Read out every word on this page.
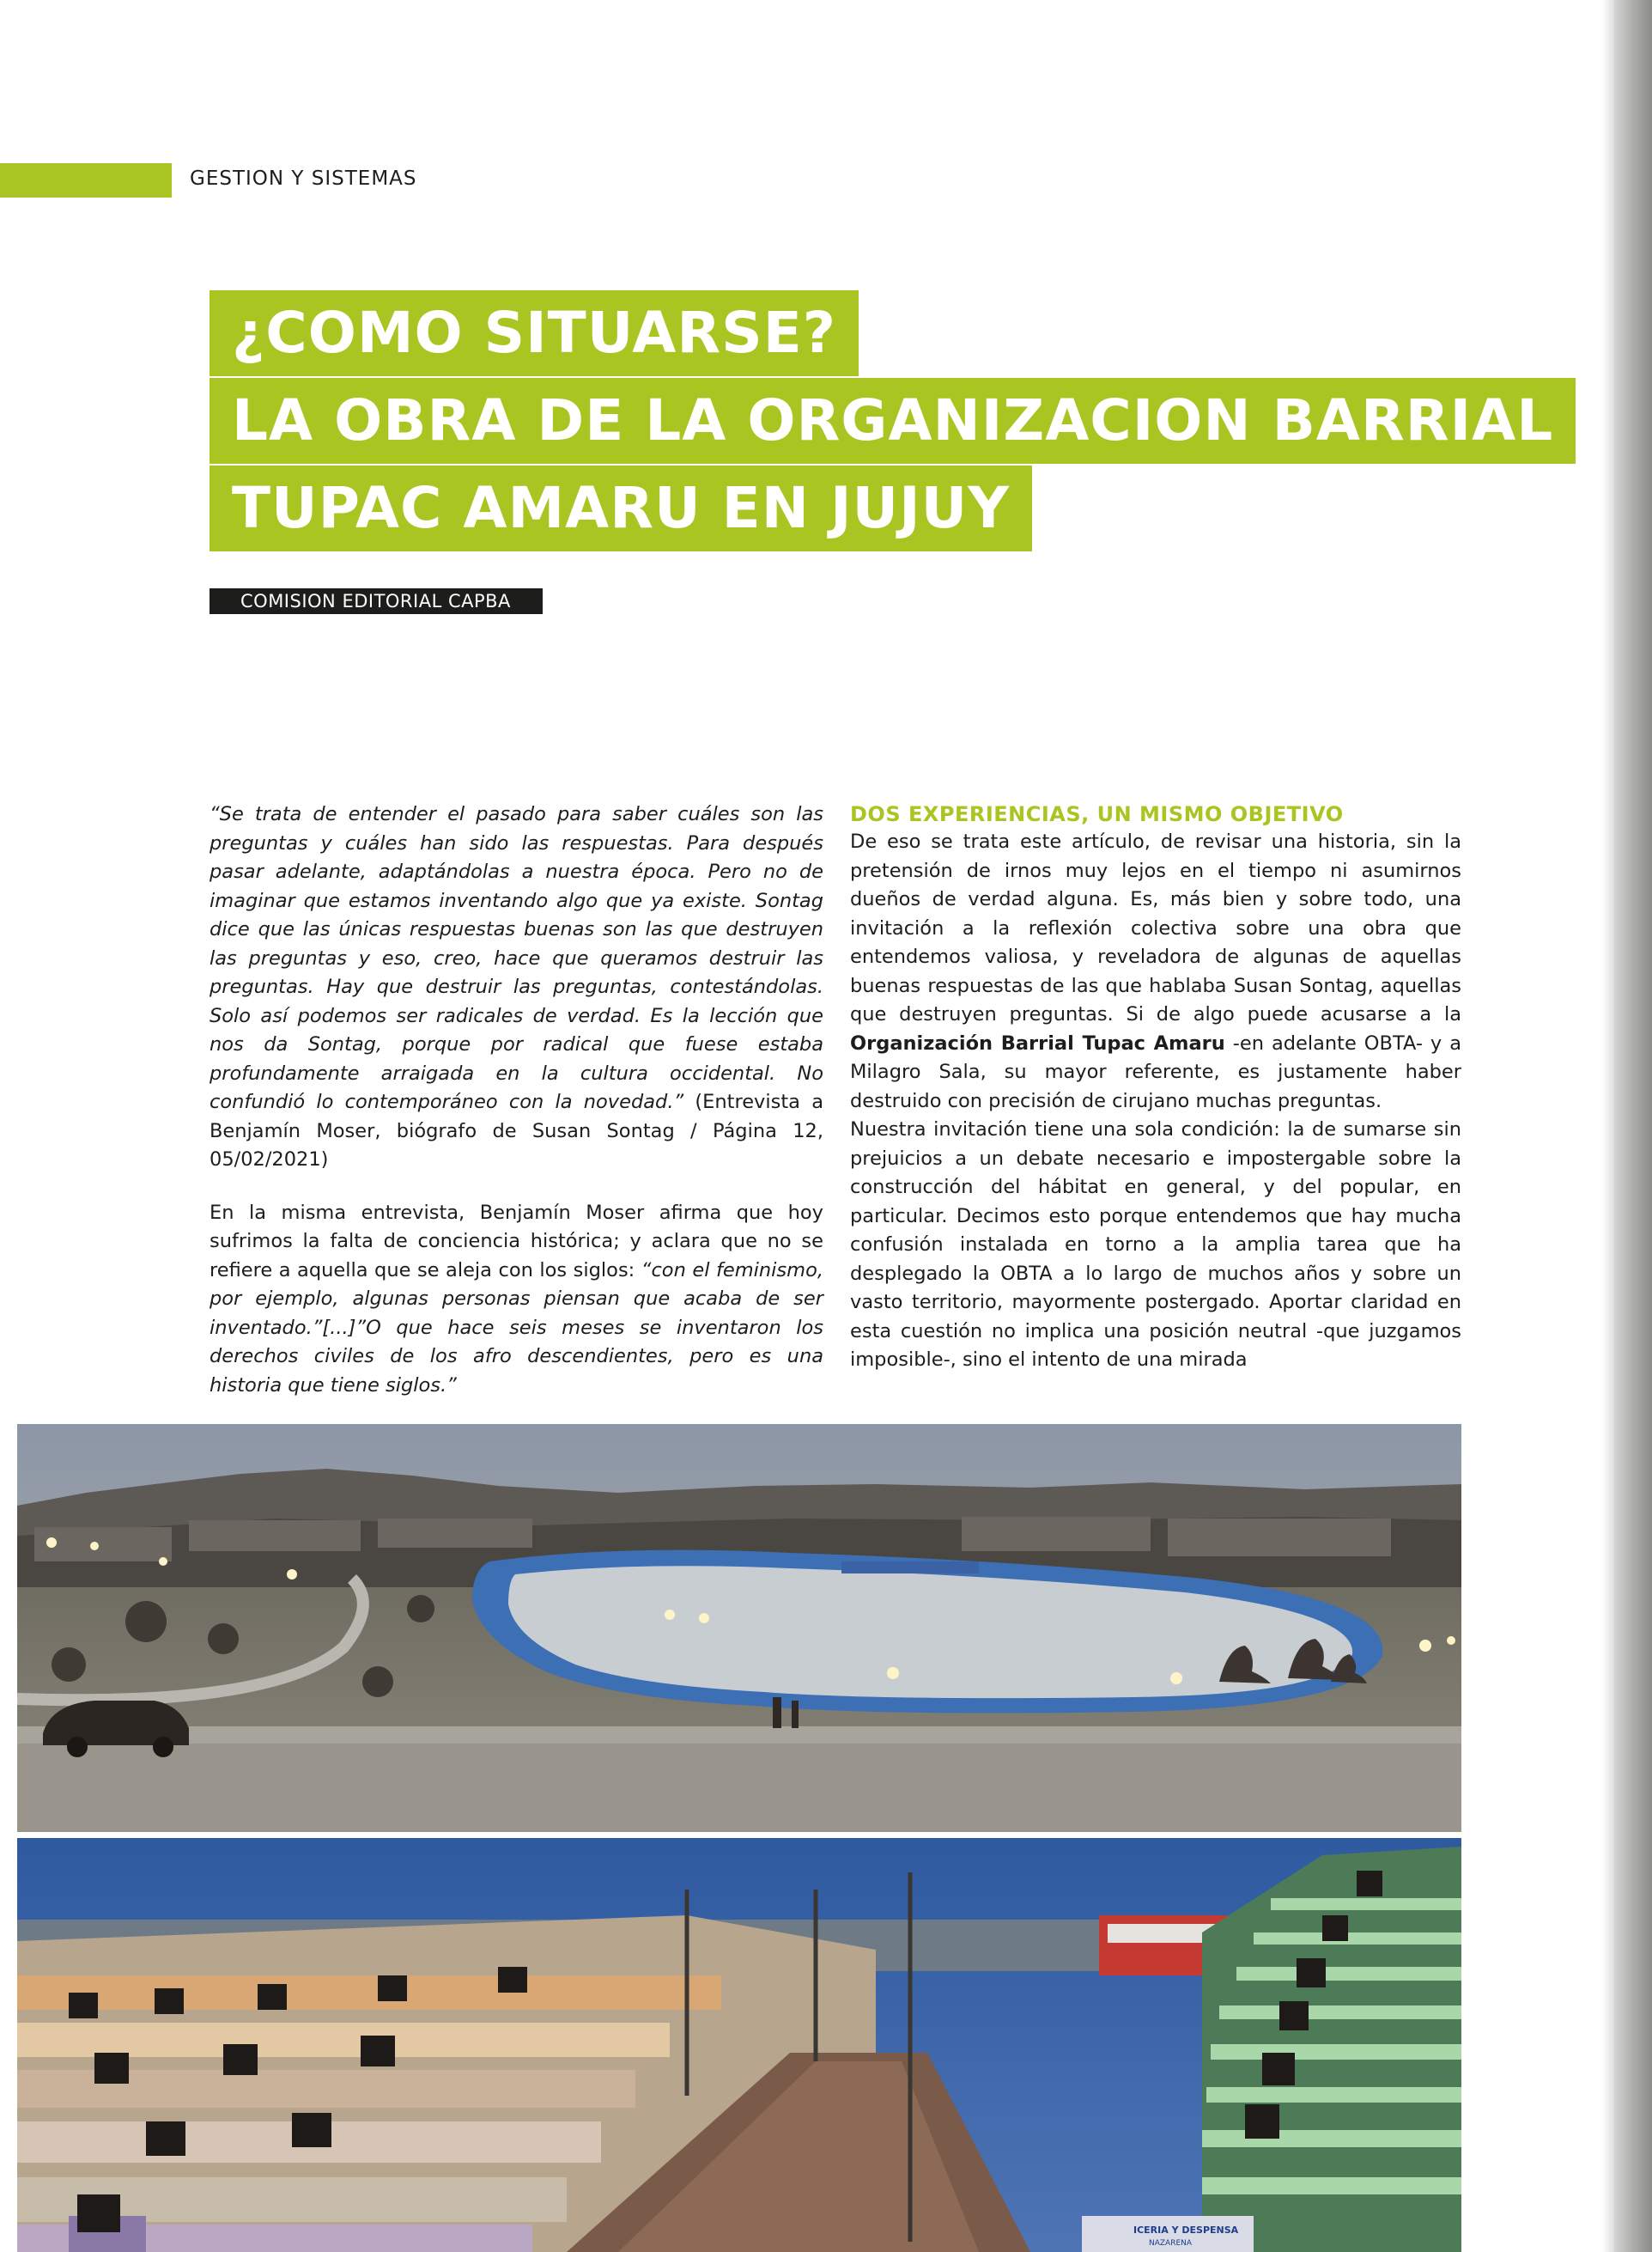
GESTION Y SISTEMAS
¿COMO SITUARSE?
LA OBRA DE LA ORGANIZACION BARRIAL
TUPAC AMARU EN JUJUY
COMISION EDITORIAL CAPBA

“Se trata de entender el pasado para saber cuáles son las preguntas y cuáles han sido las respuestas. Para después pasar adelante, adaptándolas a nuestra época. Pero no de imaginar que estamos inventando algo que ya existe. Sontag dice que las únicas respuestas buenas son las que destruyen las preguntas y eso, creo, hace que queramos destruir las preguntas. Hay que destruir las preguntas, contestándolas. Solo así podemos ser radicales de verdad. Es la lección que nos da Sontag, porque por radical que fuese estaba profundamente arraigada en la cultura occidental. No confundió lo contemporáneo con la novedad.” (Entrevista a Benjamín Moser, biógrafo de Susan Sontag / Página 12, 05/02/2021)

En la misma entrevista, Benjamín Moser afirma que hoy sufrimos la falta de conciencia histórica; y aclara que no se refiere a aquella que se aleja con los siglos: “con el feminismo, por ejemplo, algunas personas piensan que acaba de ser inventado.”[...]”O que hace seis meses se inventaron los derechos civiles de los afro descendientes, pero es una historia que tiene siglos.”

DOS EXPERIENCIAS, UN MISMO OBJETIVO

De eso se trata este artículo, de revisar una historia, sin la pretensión de irnos muy lejos en el tiempo ni asumirnos dueños de verdad alguna. Es, más bien y sobre todo, una invitación a la reflexión colectiva sobre una obra que entendemos valiosa, y reveladora de algunas de aquellas buenas respuestas de las que hablaba Susan Sontag, aquellas que destruyen preguntas. Si de algo puede acusarse a la Organización Barrial Tupac Amaru -en adelante OBTA- y a Milagro Sala, su mayor referente, es justamente haber destruido con precisión de cirujano muchas preguntas.

Nuestra invitación tiene una sola condición: la de sumarse sin prejuicios a un debate necesario e impostergable sobre la construcción del hábitat en general, y del popular, en particular. Decimos esto porque entendemos que hay mucha confusión instalada en torno a la amplia tarea que ha desplegado la OBTA a lo largo de muchos años y sobre un vasto territorio, mayormente postergado. Aportar claridad en esta cuestión no implica una posición neutral -que juzgamos imposible-, sino el intento de una mirada

ICERIA Y DESPENSA
NAZARENA
